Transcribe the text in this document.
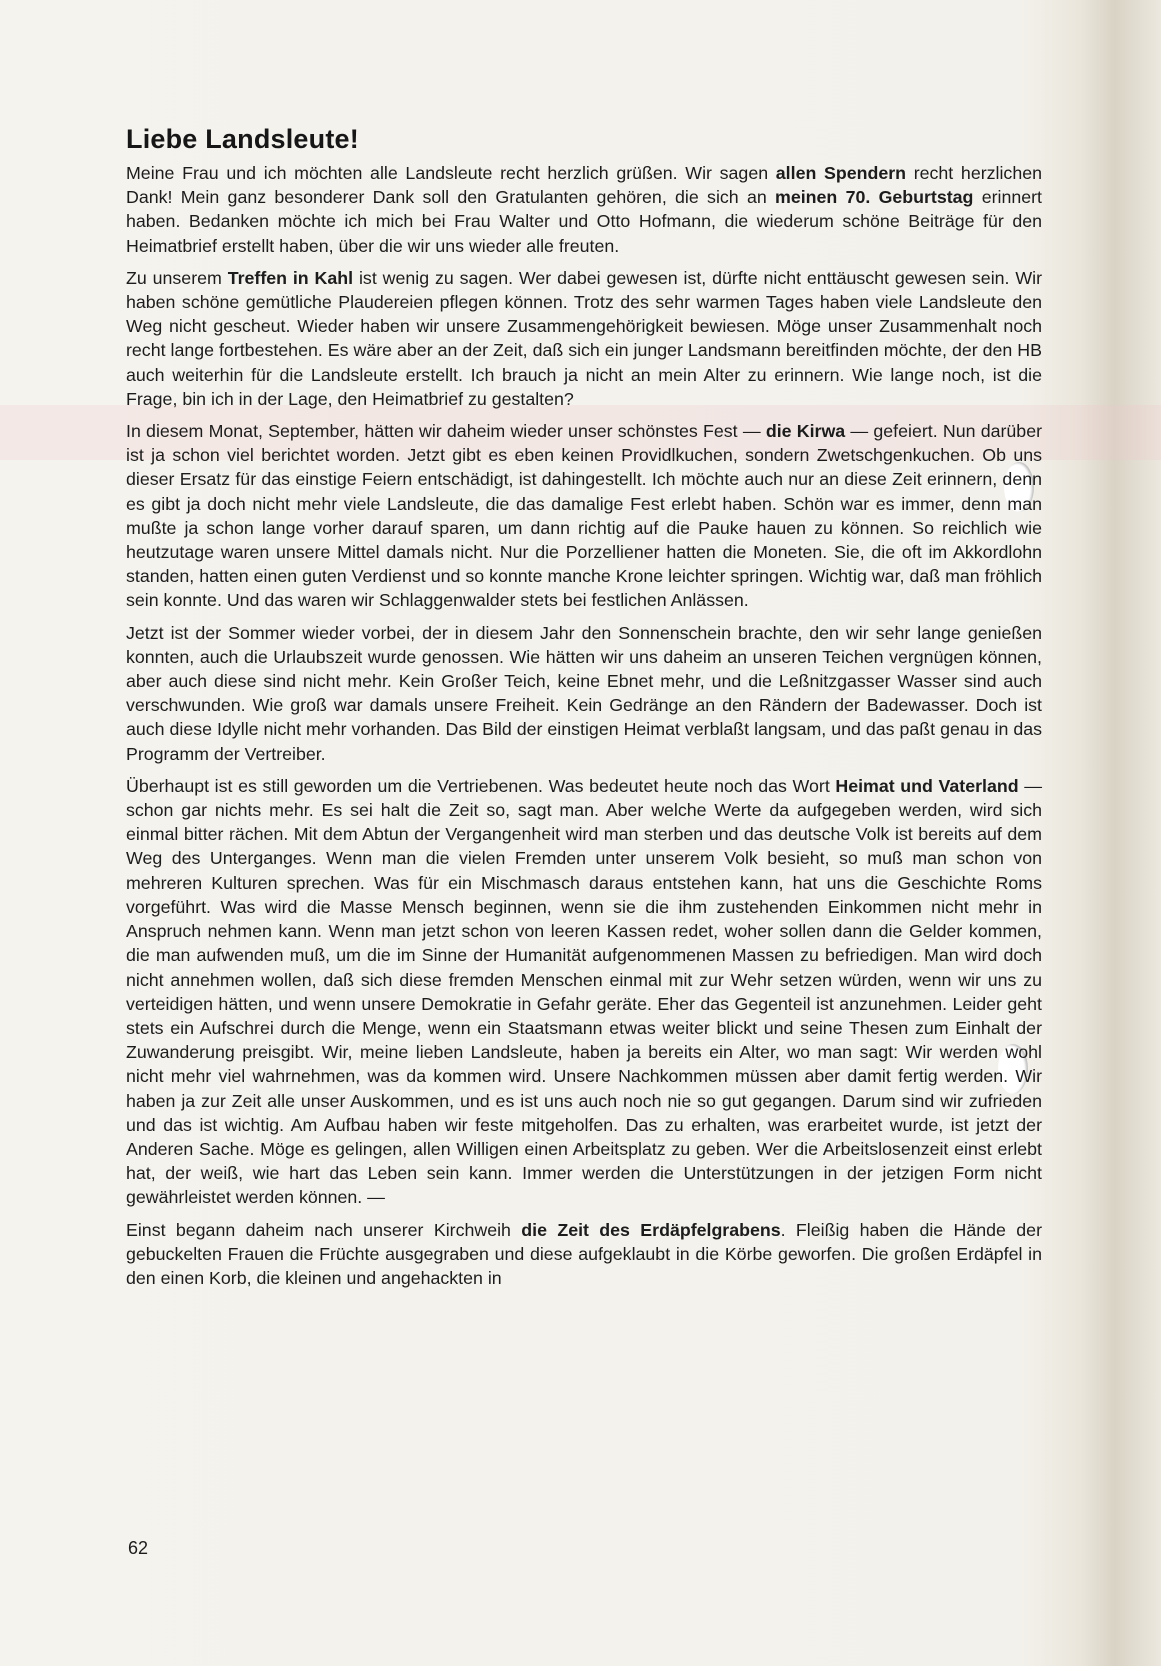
Liebe Landsleute!

Meine Frau und ich möchten alle Landsleute recht herzlich grüßen. Wir sagen allen Spendern recht herzlichen Dank! Mein ganz besonderer Dank soll den Gratulanten gehören, die sich an meinen 70. Geburtstag erinnert haben. Bedanken möchte ich mich bei Frau Walter und Otto Hofmann, die wiederum schöne Beiträge für den Heimatbrief erstellt haben, über die wir uns wieder alle freuten.

Zu unserem Treffen in Kahl ist wenig zu sagen. Wer dabei gewesen ist, dürfte nicht enttäuscht gewesen sein. Wir haben schöne gemütliche Plaudereien pflegen können. Trotz des sehr warmen Tages haben viele Landsleute den Weg nicht gescheut. Wieder haben wir unsere Zusammengehörigkeit bewiesen. Möge unser Zusammenhalt noch recht lange fortbestehen. Es wäre aber an der Zeit, daß sich ein junger Landsmann bereitfinden möchte, der den HB auch weiterhin für die Landsleute erstellt. Ich brauch ja nicht an mein Alter zu erinnern. Wie lange noch, ist die Frage, bin ich in der Lage, den Heimatbrief zu gestalten?

In diesem Monat, September, hätten wir daheim wieder unser schönstes Fest — die Kirwa — gefeiert. Nun darüber ist ja schon viel berichtet worden. Jetzt gibt es eben keinen Providlkuchen, sondern Zwetschgenkuchen. Ob uns dieser Ersatz für das einstige Feiern entschädigt, ist dahingestellt. Ich möchte auch nur an diese Zeit erinnern, denn es gibt ja doch nicht mehr viele Landsleute, die das damalige Fest erlebt haben. Schön war es immer, denn man mußte ja schon lange vorher darauf sparen, um dann richtig auf die Pauke hauen zu können. So reichlich wie heutzutage waren unsere Mittel damals nicht. Nur die Porzelliener hatten die Moneten. Sie, die oft im Akkordlohn standen, hatten einen guten Verdienst und so konnte manche Krone leichter springen. Wichtig war, daß man fröhlich sein konnte. Und das waren wir Schlaggenwalder stets bei festlichen Anlässen.

Jetzt ist der Sommer wieder vorbei, der in diesem Jahr den Sonnenschein brachte, den wir sehr lange genießen konnten, auch die Urlaubszeit wurde genossen. Wie hätten wir uns daheim an unseren Teichen vergnügen können, aber auch diese sind nicht mehr. Kein Großer Teich, keine Ebnet mehr, und die Leßnitzgasser Wasser sind auch verschwunden. Wie groß war damals unsere Freiheit. Kein Gedränge an den Rändern der Badewasser. Doch ist auch diese Idylle nicht mehr vorhanden. Das Bild der einstigen Heimat verblaßt langsam, und das paßt genau in das Programm der Vertreiber.

Überhaupt ist es still geworden um die Vertriebenen. Was bedeutet heute noch das Wort Heimat und Vaterland — schon gar nichts mehr. Es sei halt die Zeit so, sagt man. Aber welche Werte da aufgegeben werden, wird sich einmal bitter rächen. Mit dem Abtun der Vergangenheit wird man sterben und das deutsche Volk ist bereits auf dem Weg des Unterganges. Wenn man die vielen Fremden unter unserem Volk besieht, so muß man schon von mehreren Kulturen sprechen. Was für ein Mischmasch daraus entstehen kann, hat uns die Geschichte Roms vorgeführt. Was wird die Masse Mensch beginnen, wenn sie die ihm zustehenden Einkommen nicht mehr in Anspruch nehmen kann. Wenn man jetzt schon von leeren Kassen redet, woher sollen dann die Gelder kommen, die man aufwenden muß, um die im Sinne der Humanität aufgenommenen Massen zu befriedigen. Man wird doch nicht annehmen wollen, daß sich diese fremden Menschen einmal mit zur Wehr setzen würden, wenn wir uns zu verteidigen hätten, und wenn unsere Demokratie in Gefahr geräte. Eher das Gegenteil ist anzunehmen. Leider geht stets ein Aufschrei durch die Menge, wenn ein Staatsmann etwas weiter blickt und seine Thesen zum Einhalt der Zuwanderung preisgibt. Wir, meine lieben Landsleute, haben ja bereits ein Alter, wo man sagt: Wir werden wohl nicht mehr viel wahrnehmen, was da kommen wird. Unsere Nachkommen müssen aber damit fertig werden. Wir haben ja zur Zeit alle unser Auskommen, und es ist uns auch noch nie so gut gegangen. Darum sind wir zufrieden und das ist wichtig. Am Aufbau haben wir feste mitgeholfen. Das zu erhalten, was erarbeitet wurde, ist jetzt der Anderen Sache. Möge es gelingen, allen Willigen einen Arbeitsplatz zu geben. Wer die Arbeitslosenzeit einst erlebt hat, der weiß, wie hart das Leben sein kann. Immer werden die Unterstützungen in der jetzigen Form nicht gewährleistet werden können. —

Einst begann daheim nach unserer Kirchweih die Zeit des Erdäpfelgrabens. Fleißig haben die Hände der gebuckelten Frauen die Früchte ausgegraben und diese aufgeklaubt in die Körbe geworfen. Die großen Erdäpfel in den einen Korb, die kleinen und angehackten in

62
